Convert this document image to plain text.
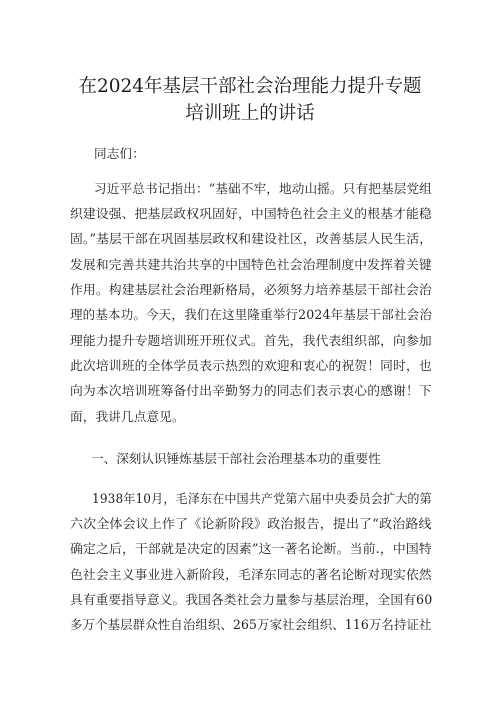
在2024年基层干部社会治理能力提升专题
培训班上的讲话
同志们：
习近平总书记指出：“基础不牢，地动山摇。只有把基层党组
织建设强、把基层政权巩固好，中国特色社会主义的根基才能稳
固。”基层干部在巩固基层政权和建设社区，改善基层人民生活，
发展和完善共建共治共享的中国特色社会治理制度中发挥着关键
作用。构建基层社会治理新格局，必须努力培养基层干部社会治
理的基本功。今天，我们在这里隆重举行2024年基层干部社会治
理能力提升专题培训班开班仪式。首先，我代表组织部，向参加
此次培训班的全体学员表示热烈的欢迎和衷心的祝贺！同时，也
向为本次培训班筹备付出辛勤努力的同志们表示衷心的感谢！下
面，我讲几点意见。
一、深刻认识锤炼基层干部社会治理基本功的重要性
1938年10月，毛泽东在中国共产党第六届中央委员会扩大的第
六次全体会议上作了《论新阶段》政治报告，提出了“政治路线
确定之后，干部就是决定的因素”这一著名论断。当前.，中国特
色社会主义事业进入新阶段，毛泽东同志的著名论断对现实依然
具有重要指导意义。我国各类社会力量参与基层治理，全国有60
多万个基层群众性自治组织、265万家社会组织、116万名持证社
